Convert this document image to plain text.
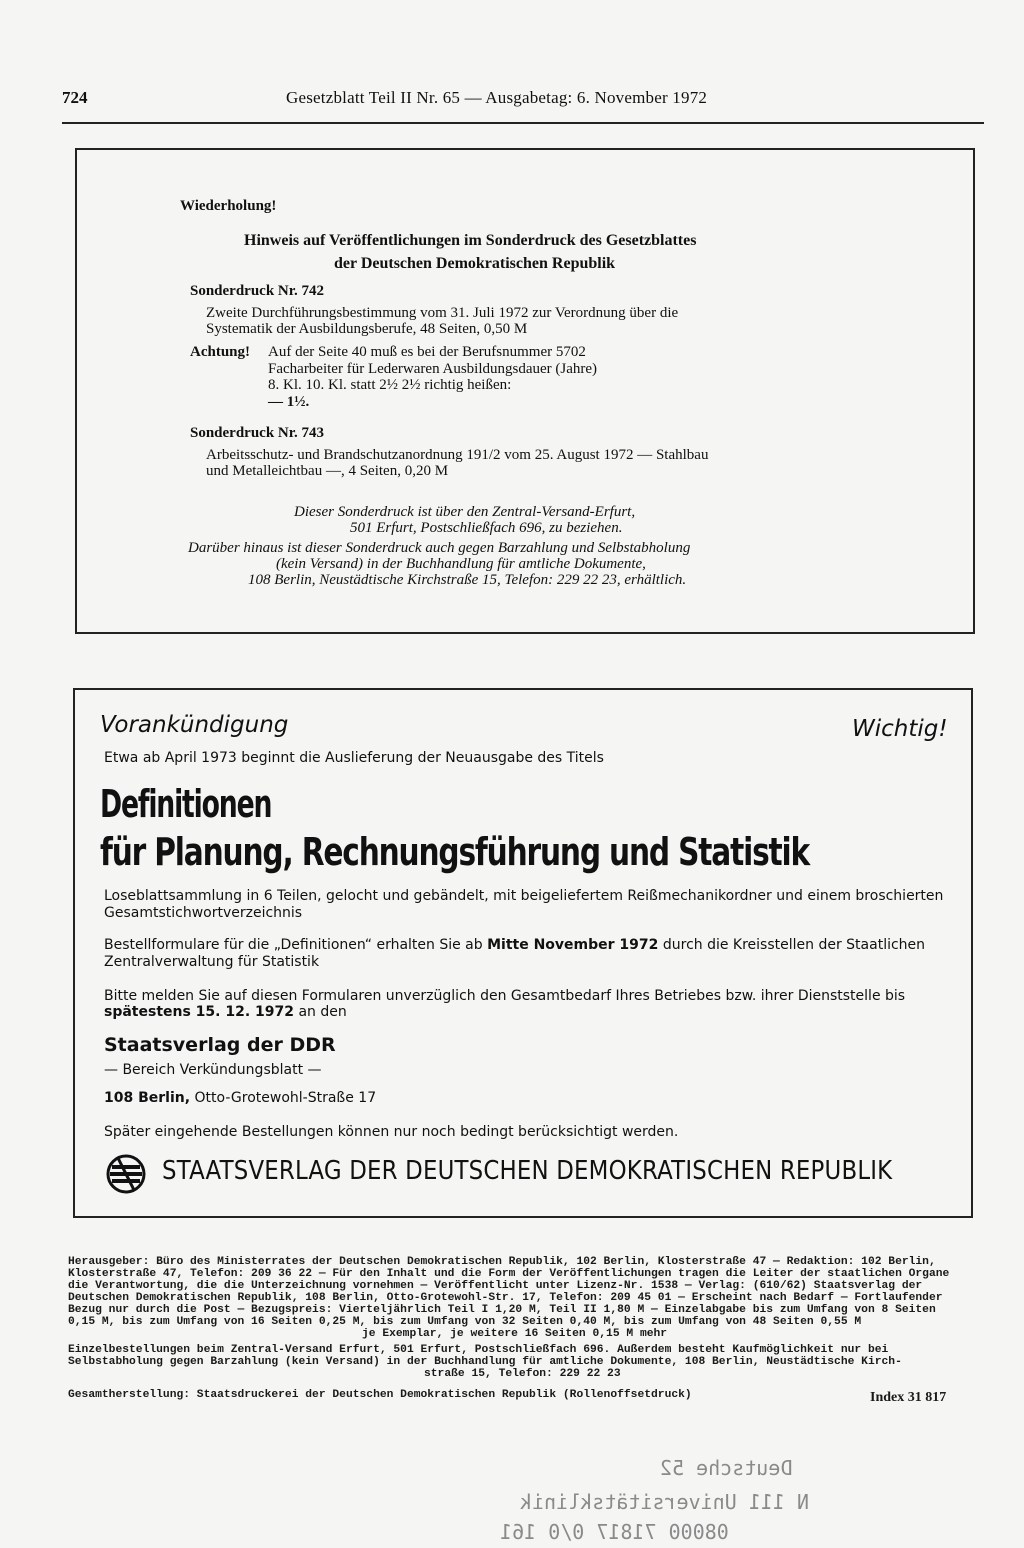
724	Gesetzblatt Teil II Nr. 65 — Ausgabetag: 6. November 1972
Wiederholung!
Hinweis auf Veröffentlichungen im Sonderdruck des Gesetzblattes
der Deutschen Demokratischen Republik
Sonderdruck Nr. 742
Zweite Durchführungsbestimmung vom 31. Juli 1972 zur Verordnung über die
Systematik der Ausbildungsberufe, 48 Seiten, 0,50 M
Achtung! Auf der Seite 40 muß es bei der Berufsnummer 5702
Facharbeiter für Lederwaren Ausbildungsdauer (Jahre)
8. Kl. 10. Kl. statt 2½ 2½ richtig heißen:
— 1½.
Sonderdruck Nr. 743
Arbeitsschutz- und Brandschutzanordnung 191/2 vom 25. August 1972 — Stahlbau
und Metalleichtbau —, 4 Seiten, 0,20 M
Dieser Sonderdruck ist über den Zentral-Versand-Erfurt,
501 Erfurt, Postschließfach 696, zu beziehen.
Darüber hinaus ist dieser Sonderdruck auch gegen Barzahlung und Selbstabholung
(kein Versand) in der Buchhandlung für amtliche Dokumente,
108 Berlin, Neustädtische Kirchstraße 15, Telefon: 229 22 23, erhältlich.
Vorankündigung	Wichtig!
Etwa ab April 1973 beginnt die Auslieferung der Neuausgabe des Titels
Definitionen
für Planung, Rechnungsführung und Statistik
Loseblattsammlung in 6 Teilen, gelocht und gebändelt, mit beigeliefertem Reißmechanikordner und einem broschierten
Gesamtstichwortverzeichnis
Bestellformulare für die „Definitionen“ erhalten Sie ab Mitte November 1972 durch die Kreisstellen der Staatlichen
Zentralverwaltung für Statistik
Bitte melden Sie auf diesen Formularen unverzüglich den Gesamtbedarf Ihres Betriebes bzw. ihrer Dienststelle bis
spätestens 15. 12. 1972 an den
Staatsverlag der DDR
— Bereich Verkündungsblatt —
108 Berlin, Otto-Grotewohl-Straße 17
Später eingehende Bestellungen können nur noch bedingt berücksichtigt werden.
STAATSVERLAG DER DEUTSCHEN DEMOKRATISCHEN REPUBLIK
Herausgeber: Büro des Ministerrates der Deutschen Demokratischen Republik, 102 Berlin, Klosterstraße 47 — Redaktion: 102 Berlin,
Klosterstraße 47, Telefon: 209 36 22 — Für den Inhalt und die Form der Veröffentlichungen tragen die Leiter der staatlichen Organe
die Verantwortung, die die Unterzeichnung vornehmen — Veröffentlicht unter Lizenz-Nr. 1538 — Verlag: (610/62) Staatsverlag der
Deutschen Demokratischen Republik, 108 Berlin, Otto-Grotewohl-Str. 17, Telefon: 209 45 01 — Erscheint nach Bedarf — Fortlaufender
Bezug nur durch die Post — Bezugspreis: Vierteljährlich Teil I 1,20 M, Teil II 1,80 M — Einzelabgabe bis zum Umfang von 8 Seiten
0,15 M, bis zum Umfang von 16 Seiten 0,25 M, bis zum Umfang von 32 Seiten 0,40 M, bis zum Umfang von 48 Seiten 0,55 M
je Exemplar, je weitere 16 Seiten 0,15 M mehr
Einzelbestellungen beim Zentral-Versand Erfurt, 501 Erfurt, Postschließfach 696. Außerdem besteht Kaufmöglichkeit nur bei
Selbstabholung gegen Barzahlung (kein Versand) in der Buchhandlung für amtliche Dokumente, 108 Berlin, Neustädtische Kirch-
straße 15, Telefon: 229 22 23
Gesamtherstellung: Staatsdruckerei der Deutschen Demokratischen Republik (Rollenoffsetdruck)	Index 31 817
Deutsche 52
N 111 Universitätsklinik
08000 71817 0/0 161
